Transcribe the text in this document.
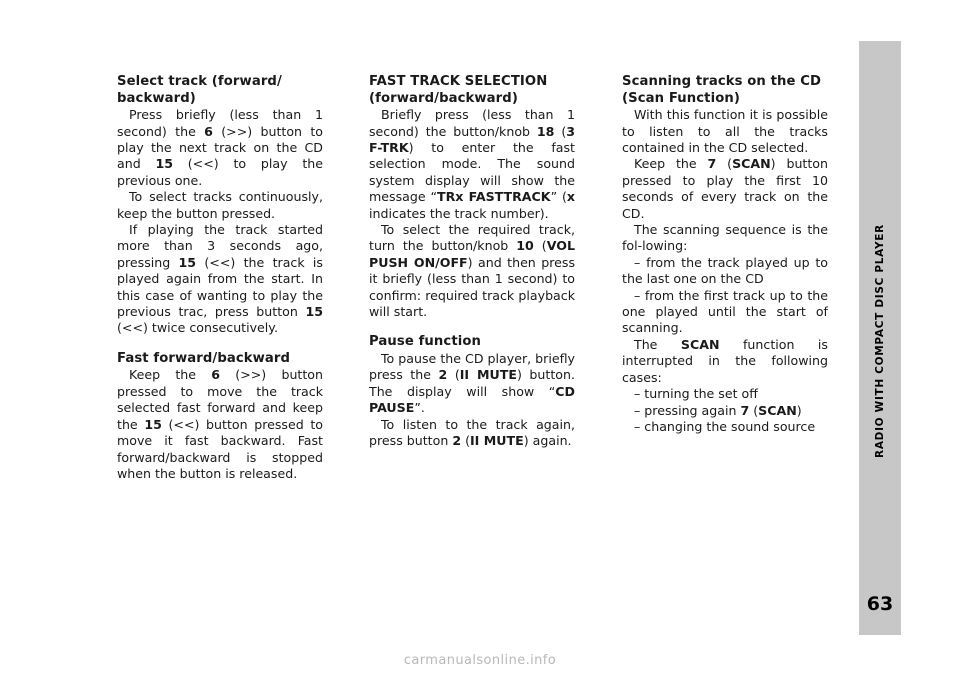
Select track (forward/ backward)

Press briefly (less than 1 second) the 6 (>>) button to play the next track on the CD and 15 (<<) to play the previous one.

To select tracks continuously, keep the button pressed.

If playing the track started more than 3 seconds ago, pressing 15 (<<) the track is played again from the start. In this case of wanting to play the previous trac, press button 15 (<<) twice consecutively.

Fast forward/backward

Keep the 6 (>>) button pressed to move the track selected fast forward and keep the 15 (<<) button pressed to move it fast backward. Fast forward/backward is stopped when the button is released.

FAST TRACK SELECTION (forward/backward)

Briefly press (less than 1 second) the button/knob 18 (3 F-TRK) to enter the fast selection mode. The sound system display will show the message “TRx FASTTRACK” (x indicates the track number).

To select the required track, turn the button/knob 10 (VOL PUSH ON/OFF) and then press it briefly (less than 1 second) to confirm: required track playback will start.

Pause function

To pause the CD player, briefly press the 2 (II MUTE) button. The display will show “CD PAUSE”.

To listen to the track again, press button 2 (II MUTE) again.

Scanning tracks on the CD (Scan Function)

With this function it is possible to listen to all the tracks contained in the CD selected.

Keep the 7 (SCAN) button pressed to play the first 10 seconds of every track on the CD.

The scanning sequence is the fol-lowing:

– from the track played up to the last one on the CD

– from the first track up to the one played until the start of scanning.

The SCAN function is interrupted in the following cases:

– turning the set off

– pressing again 7 (SCAN)

– changing the sound source	RADIO WITH COMPACT DISC PLAYER
63
carmanualsonline.info
